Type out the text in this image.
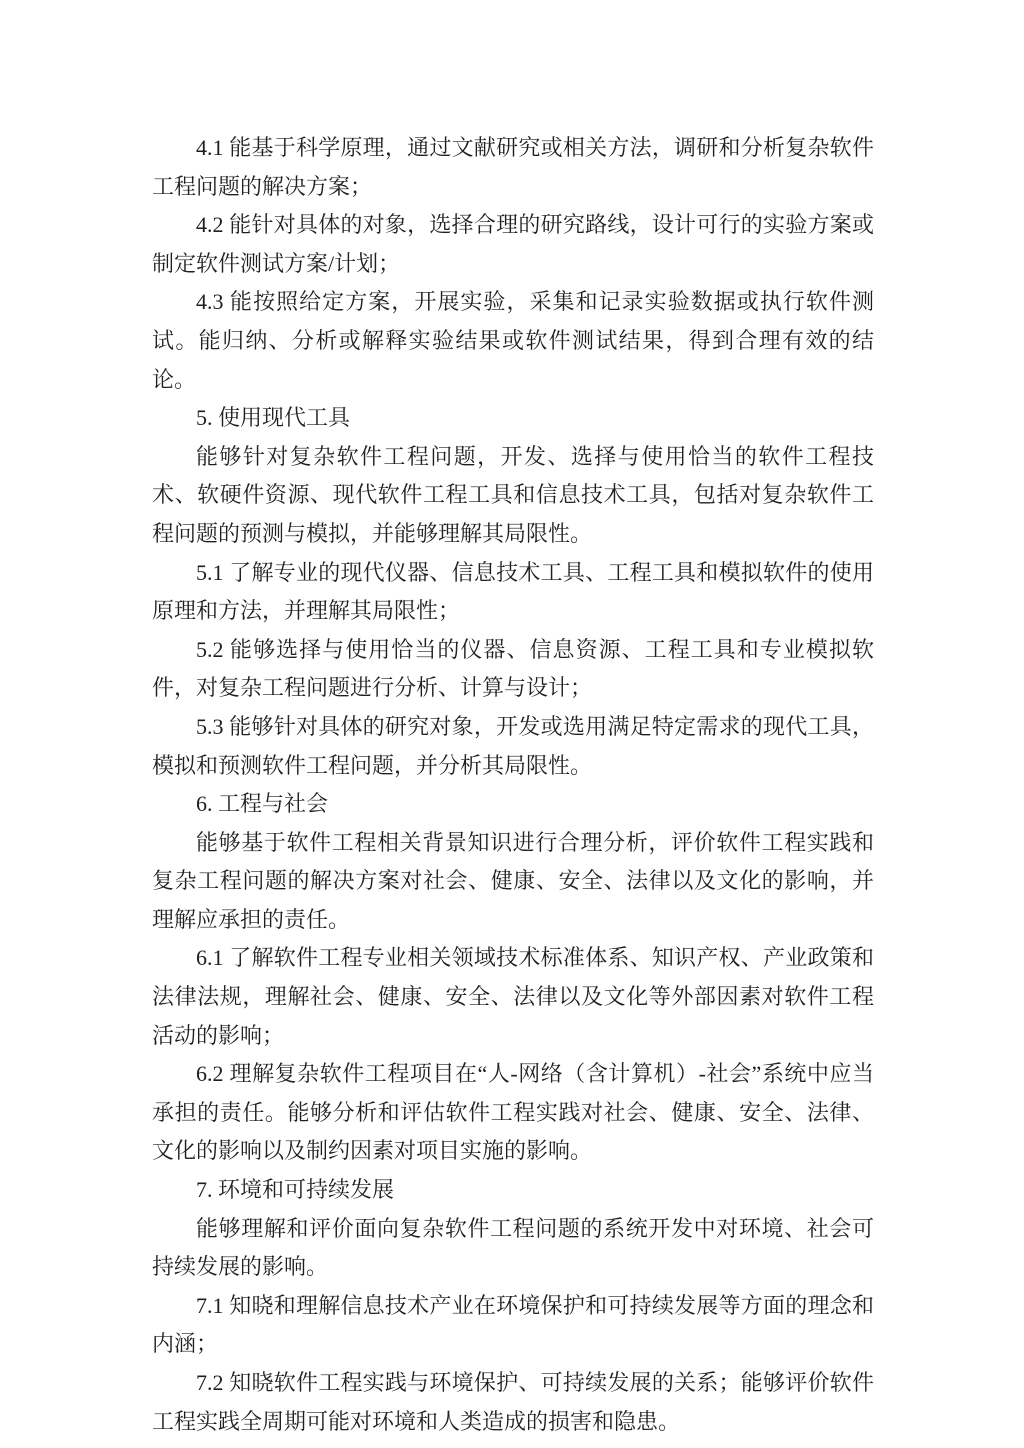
4.1 能基于科学原理，通过文献研究或相关方法，调研和分析复杂软件工程问题的解决方案；

4.2 能针对具体的对象，选择合理的研究路线，设计可行的实验方案或制定软件测试方案/计划；

4.3 能按照给定方案，开展实验，采集和记录实验数据或执行软件测试。能归纳、分析或解释实验结果或软件测试结果，得到合理有效的结论。

5. 使用现代工具

能够针对复杂软件工程问题，开发、选择与使用恰当的软件工程技术、软硬件资源、现代软件工程工具和信息技术工具，包括对复杂软件工程问题的预测与模拟，并能够理解其局限性。

5.1 了解专业的现代仪器、信息技术工具、工程工具和模拟软件的使用原理和方法，并理解其局限性；

5.2 能够选择与使用恰当的仪器、信息资源、工程工具和专业模拟软件，对复杂工程问题进行分析、计算与设计；

5.3 能够针对具体的研究对象，开发或选用满足特定需求的现代工具，模拟和预测软件工程问题，并分析其局限性。

6. 工程与社会

能够基于软件工程相关背景知识进行合理分析，评价软件工程实践和复杂工程问题的解决方案对社会、健康、安全、法律以及文化的影响，并理解应承担的责任。

6.1 了解软件工程专业相关领域技术标准体系、知识产权、产业政策和法律法规，理解社会、健康、安全、法律以及文化等外部因素对软件工程活动的影响；

6.2 理解复杂软件工程项目在“人-网络（含计算机）-社会”系统中应当承担的责任。能够分析和评估软件工程实践对社会、健康、安全、法律、文化的影响以及制约因素对项目实施的影响。

7. 环境和可持续发展

能够理解和评价面向复杂软件工程问题的系统开发中对环境、社会可持续发展的影响。

7.1 知晓和理解信息技术产业在环境保护和可持续发展等方面的理念和内涵；

7.2 知晓软件工程实践与环境保护、可持续发展的关系；能够评价软件工程实践全周期可能对环境和人类造成的损害和隐患。
